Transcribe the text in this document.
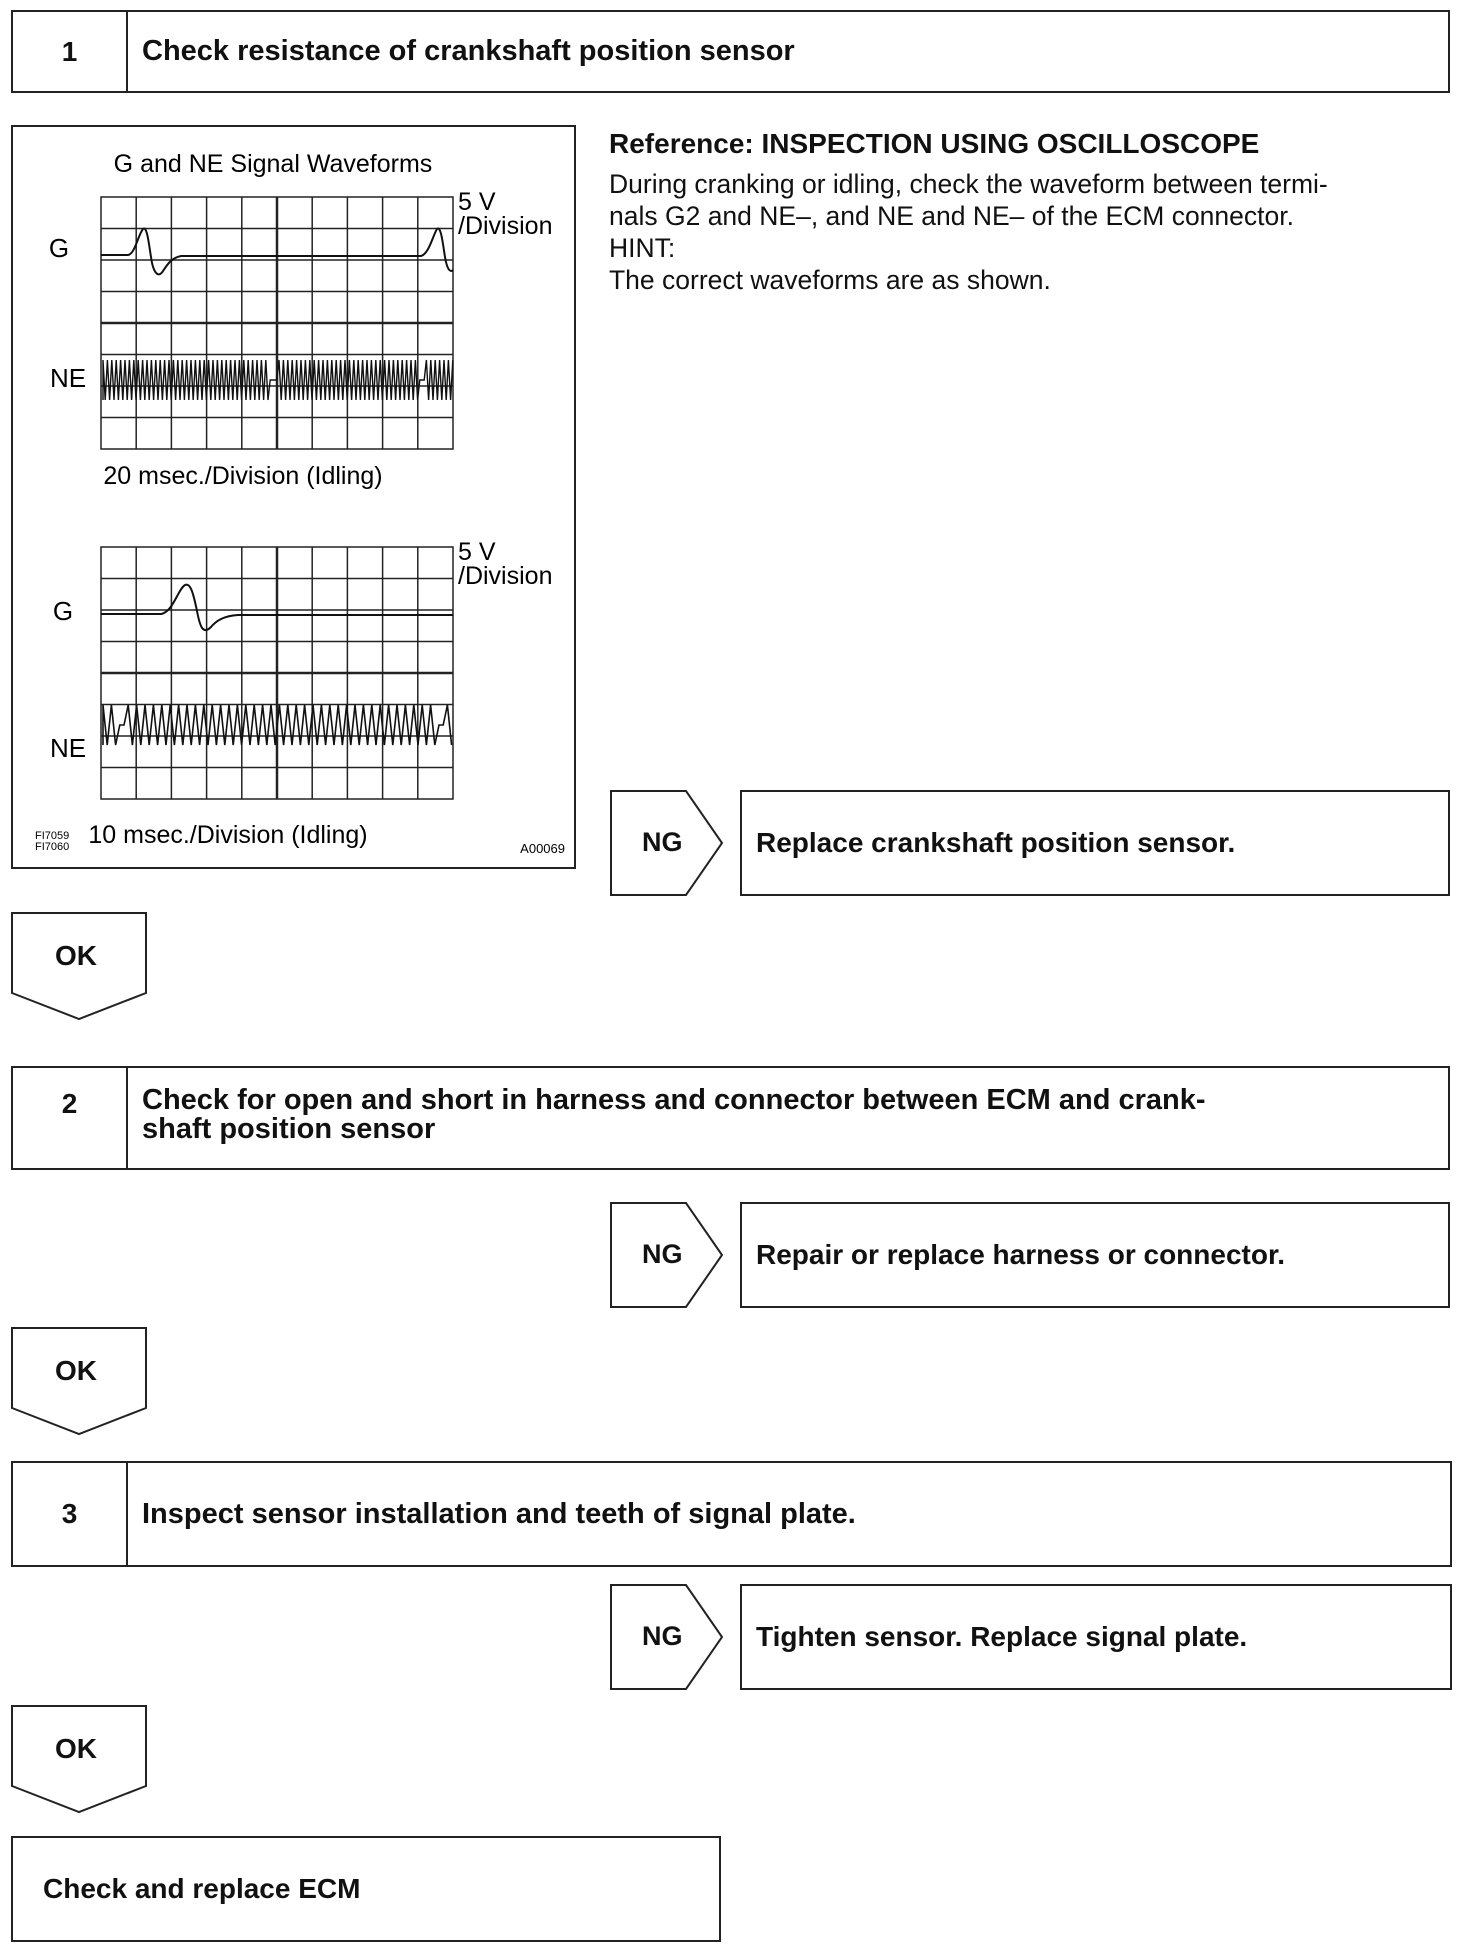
1	Check resistance of crankshaft position sensor
G and NE Signal Waveforms
G
NE
5 V
/Division
20 msec./Division (Idling)
G
NE
5 V
/Division
10 msec./Division (Idling)
FI7059
FI7060	A00069
Reference: INSPECTION USING OSCILLOSCOPE
During cranking or idling, check the waveform between termi-
nals G2 and NE–, and NE and NE– of the ECM connector.
HINT:
The correct waveforms are as shown.
NG	Replace crankshaft position sensor.
OK
2	Check for open and short in harness and connector between ECM and crank-
shaft position sensor
NG	Repair or replace harness or connector.
OK
3	Inspect sensor installation and teeth of signal plate.
NG	Tighten sensor. Replace signal plate.
OK
Check and replace ECM
